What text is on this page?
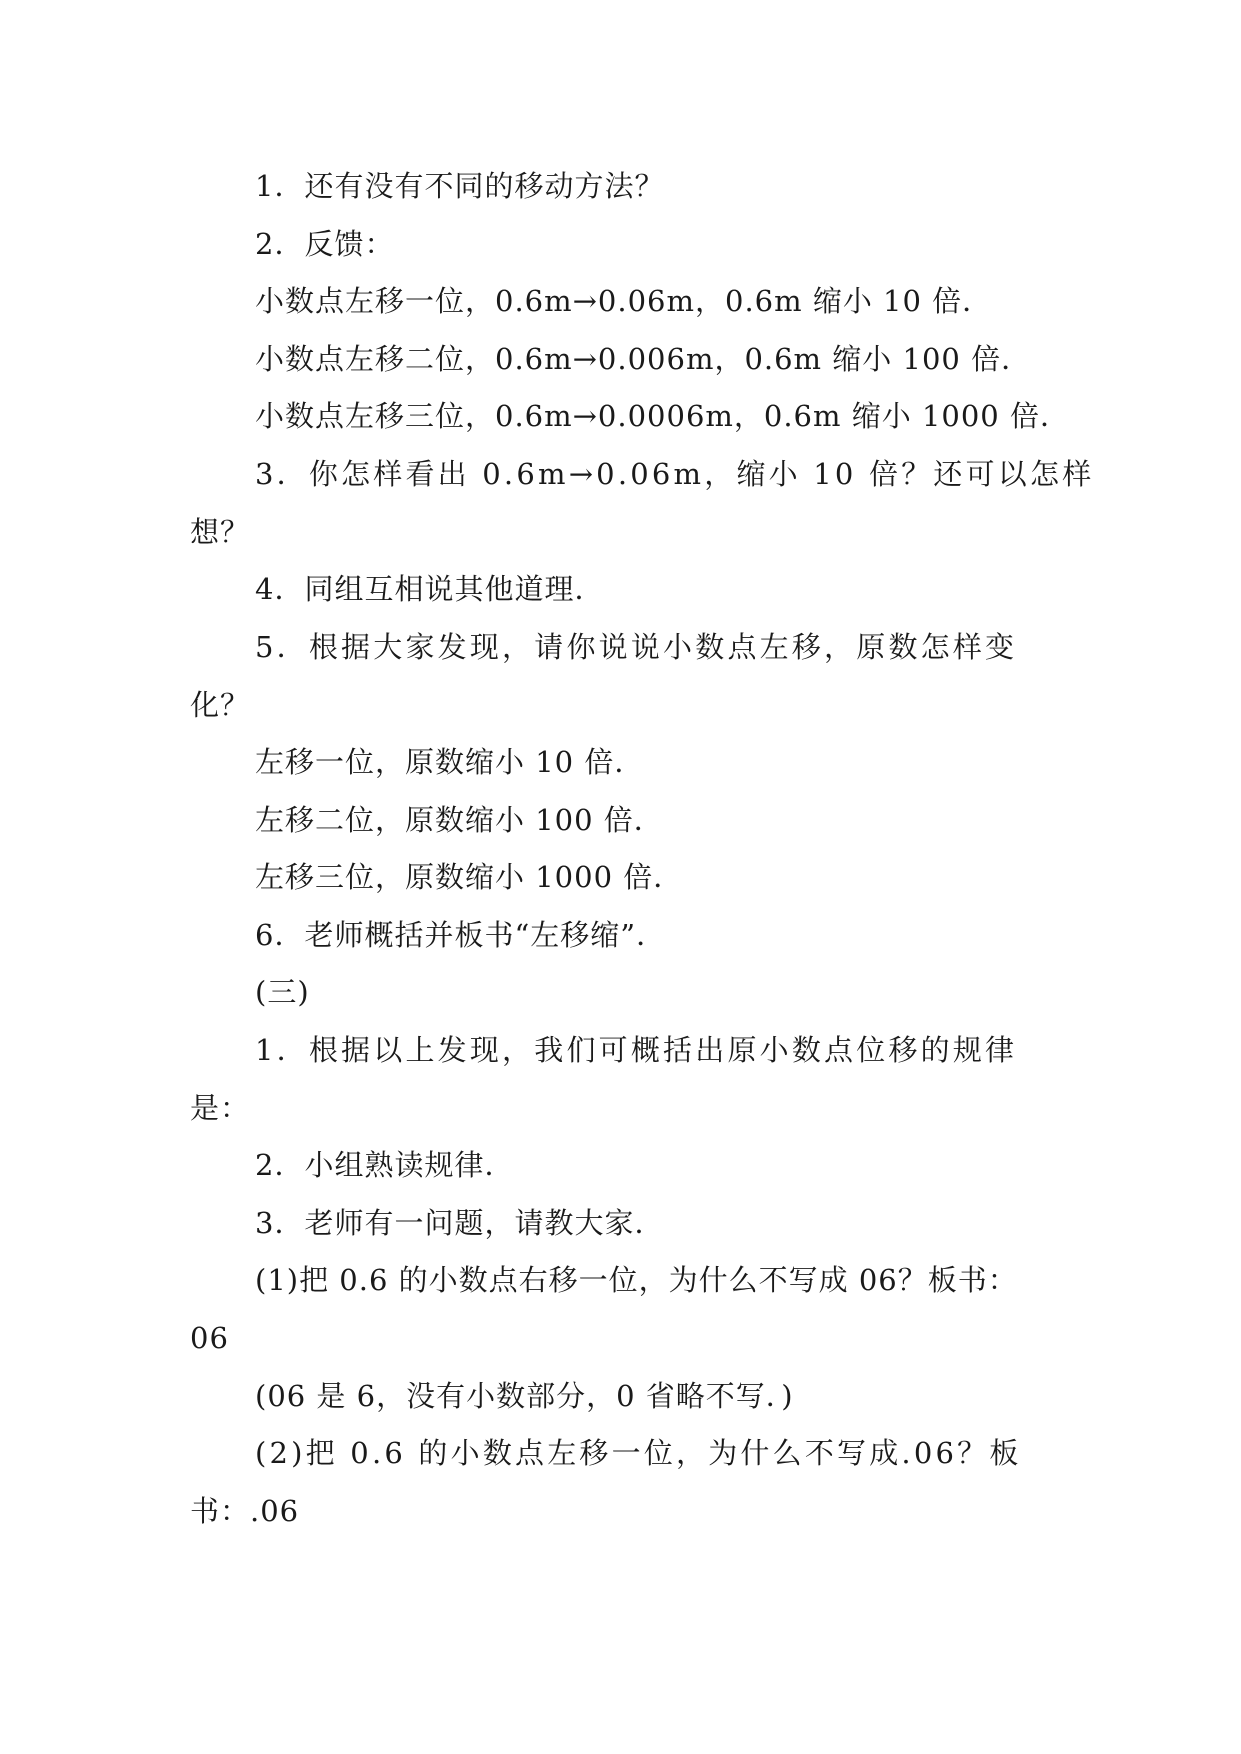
1．还有没有不同的移动方法？
2．反馈：
小数点左移一位，0.6m→0.06m，0.6m 缩小 10 倍．
小数点左移二位，0.6m→0.006m，0.6m 缩小 100 倍．
小数点左移三位，0.6m→0.0006m，0.6m 缩小 1000 倍．
3．你怎样看出 0.6m→0.06m，缩小 10 倍？还可以怎样
想？
4．同组互相说其他道理．
5．根据大家发现，请你说说小数点左移，原数怎样变
化？
左移一位，原数缩小 10 倍．
左移二位，原数缩小 100 倍．
左移三位，原数缩小 1000 倍．
6．老师概括并板书“左移缩”．
(三)
1．根据以上发现，我们可概括出原小数点位移的规律
是：
2．小组熟读规律．
3．老师有一问题，请教大家．
(1)把 0.6 的小数点右移一位，为什么不写成 06？板书：
06
(06 是 6，没有小数部分，0 省略不写．)
(2)把 0.6 的小数点左移一位，为什么不写成.06？板
书：.06
